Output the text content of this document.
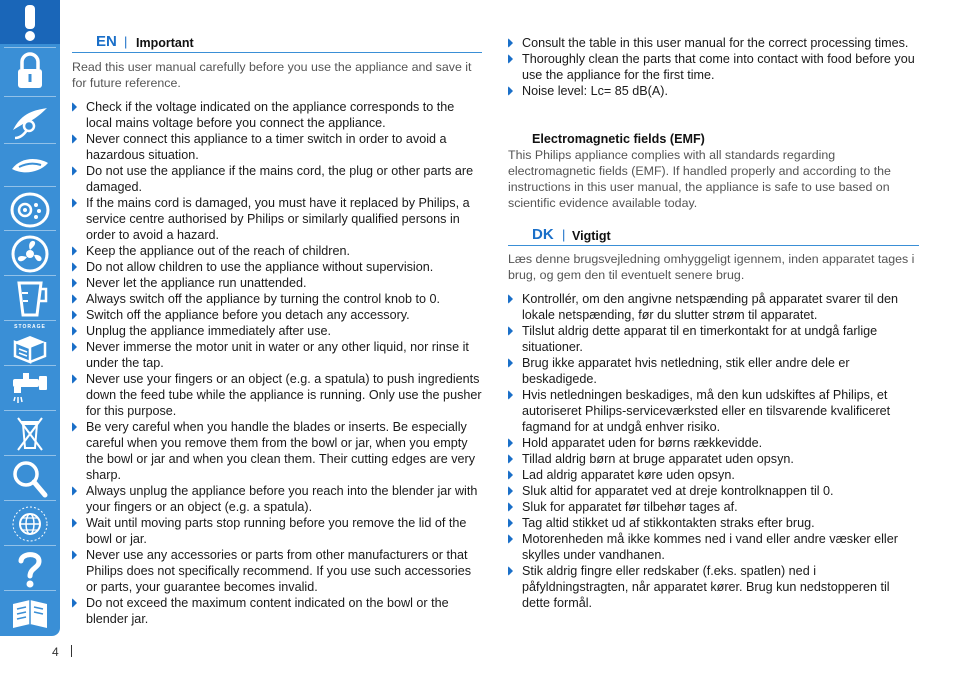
STORAGE
EN | Important
Read this user manual carefully before you use the appliance and save it for future reference.
Check if the voltage indicated on the appliance corresponds to the local mains voltage before you connect the appliance.
Never connect this appliance to a timer switch in order to avoid a hazardous situation.
Do not use the appliance if the mains cord, the plug or other parts are damaged.
If the mains cord is damaged, you must have it replaced by Philips, a service centre authorised by Philips or similarly qualified persons in order to avoid a hazard.
Keep the appliance out of the reach of children.
Do not allow children to use the appliance without supervision.
Never let the appliance run unattended.
Always switch off the appliance by turning the control knob to 0.
Switch off the appliance before you detach any accessory.
Unplug the appliance immediately after use.
Never immerse the motor unit in water or any other liquid, nor rinse it under the tap.
Never use your fingers or an object (e.g. a spatula) to push ingredients down the feed tube while the appliance is running. Only use the pusher for this purpose.
Be very careful when you handle the blades or inserts. Be especially careful when you remove them from the bowl or jar, when you empty the bowl or jar and when you clean them. Their cutting edges are very sharp.
Always unplug the appliance before you reach into the blender jar with your fingers or an object (e.g. a spatula).
Wait until moving parts stop running before you remove the lid of the bowl or jar.
Never use any accessories or parts from other manufacturers or that Philips does not specifically recommend. If you use such accessories or parts, your guarantee becomes invalid.
Do not exceed the maximum content indicated on the bowl or the blender jar.
Consult the table in this user manual for the correct processing times.
Thoroughly clean the parts that come into contact with food before you use the appliance for the first time.
Noise level: Lc= 85 dB(A).
Electromagnetic fields (EMF)
This Philips appliance complies with all standards regarding electromagnetic fields (EMF). If handled properly and according to the instructions in this user manual, the appliance is safe to use based on scientific evidence available today.
DK | Vigtigt
Læs denne brugsvejledning omhyggeligt igennem, inden apparatet tages i brug, og gem den til eventuelt senere brug.
Kontrollér, om den angivne netspænding på apparatet svarer til den lokale netspænding, før du slutter strøm til apparatet.
Tilslut aldrig dette apparat til en timerkontakt for at undgå farlige situationer.
Brug ikke apparatet hvis netledning, stik eller andre dele er beskadigede.
Hvis netledningen beskadiges, må den kun udskiftes af Philips, et autoriseret Philips-serviceværksted eller en tilsvarende kvalificeret fagmand for at undgå enhver risiko.
Hold apparatet uden for børns rækkevidde.
Tillad aldrig børn at bruge apparatet uden opsyn.
Lad aldrig apparatet køre uden opsyn.
Sluk altid for apparatet ved at dreje kontrolknappen til 0.
Sluk for apparatet før tilbehør tages af.
Tag altid stikket ud af stikkontakten straks efter brug.
Motorenheden må ikke kommes ned i vand eller andre væsker eller skylles under vandhanen.
Stik aldrig fingre eller redskaber (f.eks. spatlen) ned i påfyldningstragten, når apparatet kører. Brug kun nedstopperen til dette formål.
4
